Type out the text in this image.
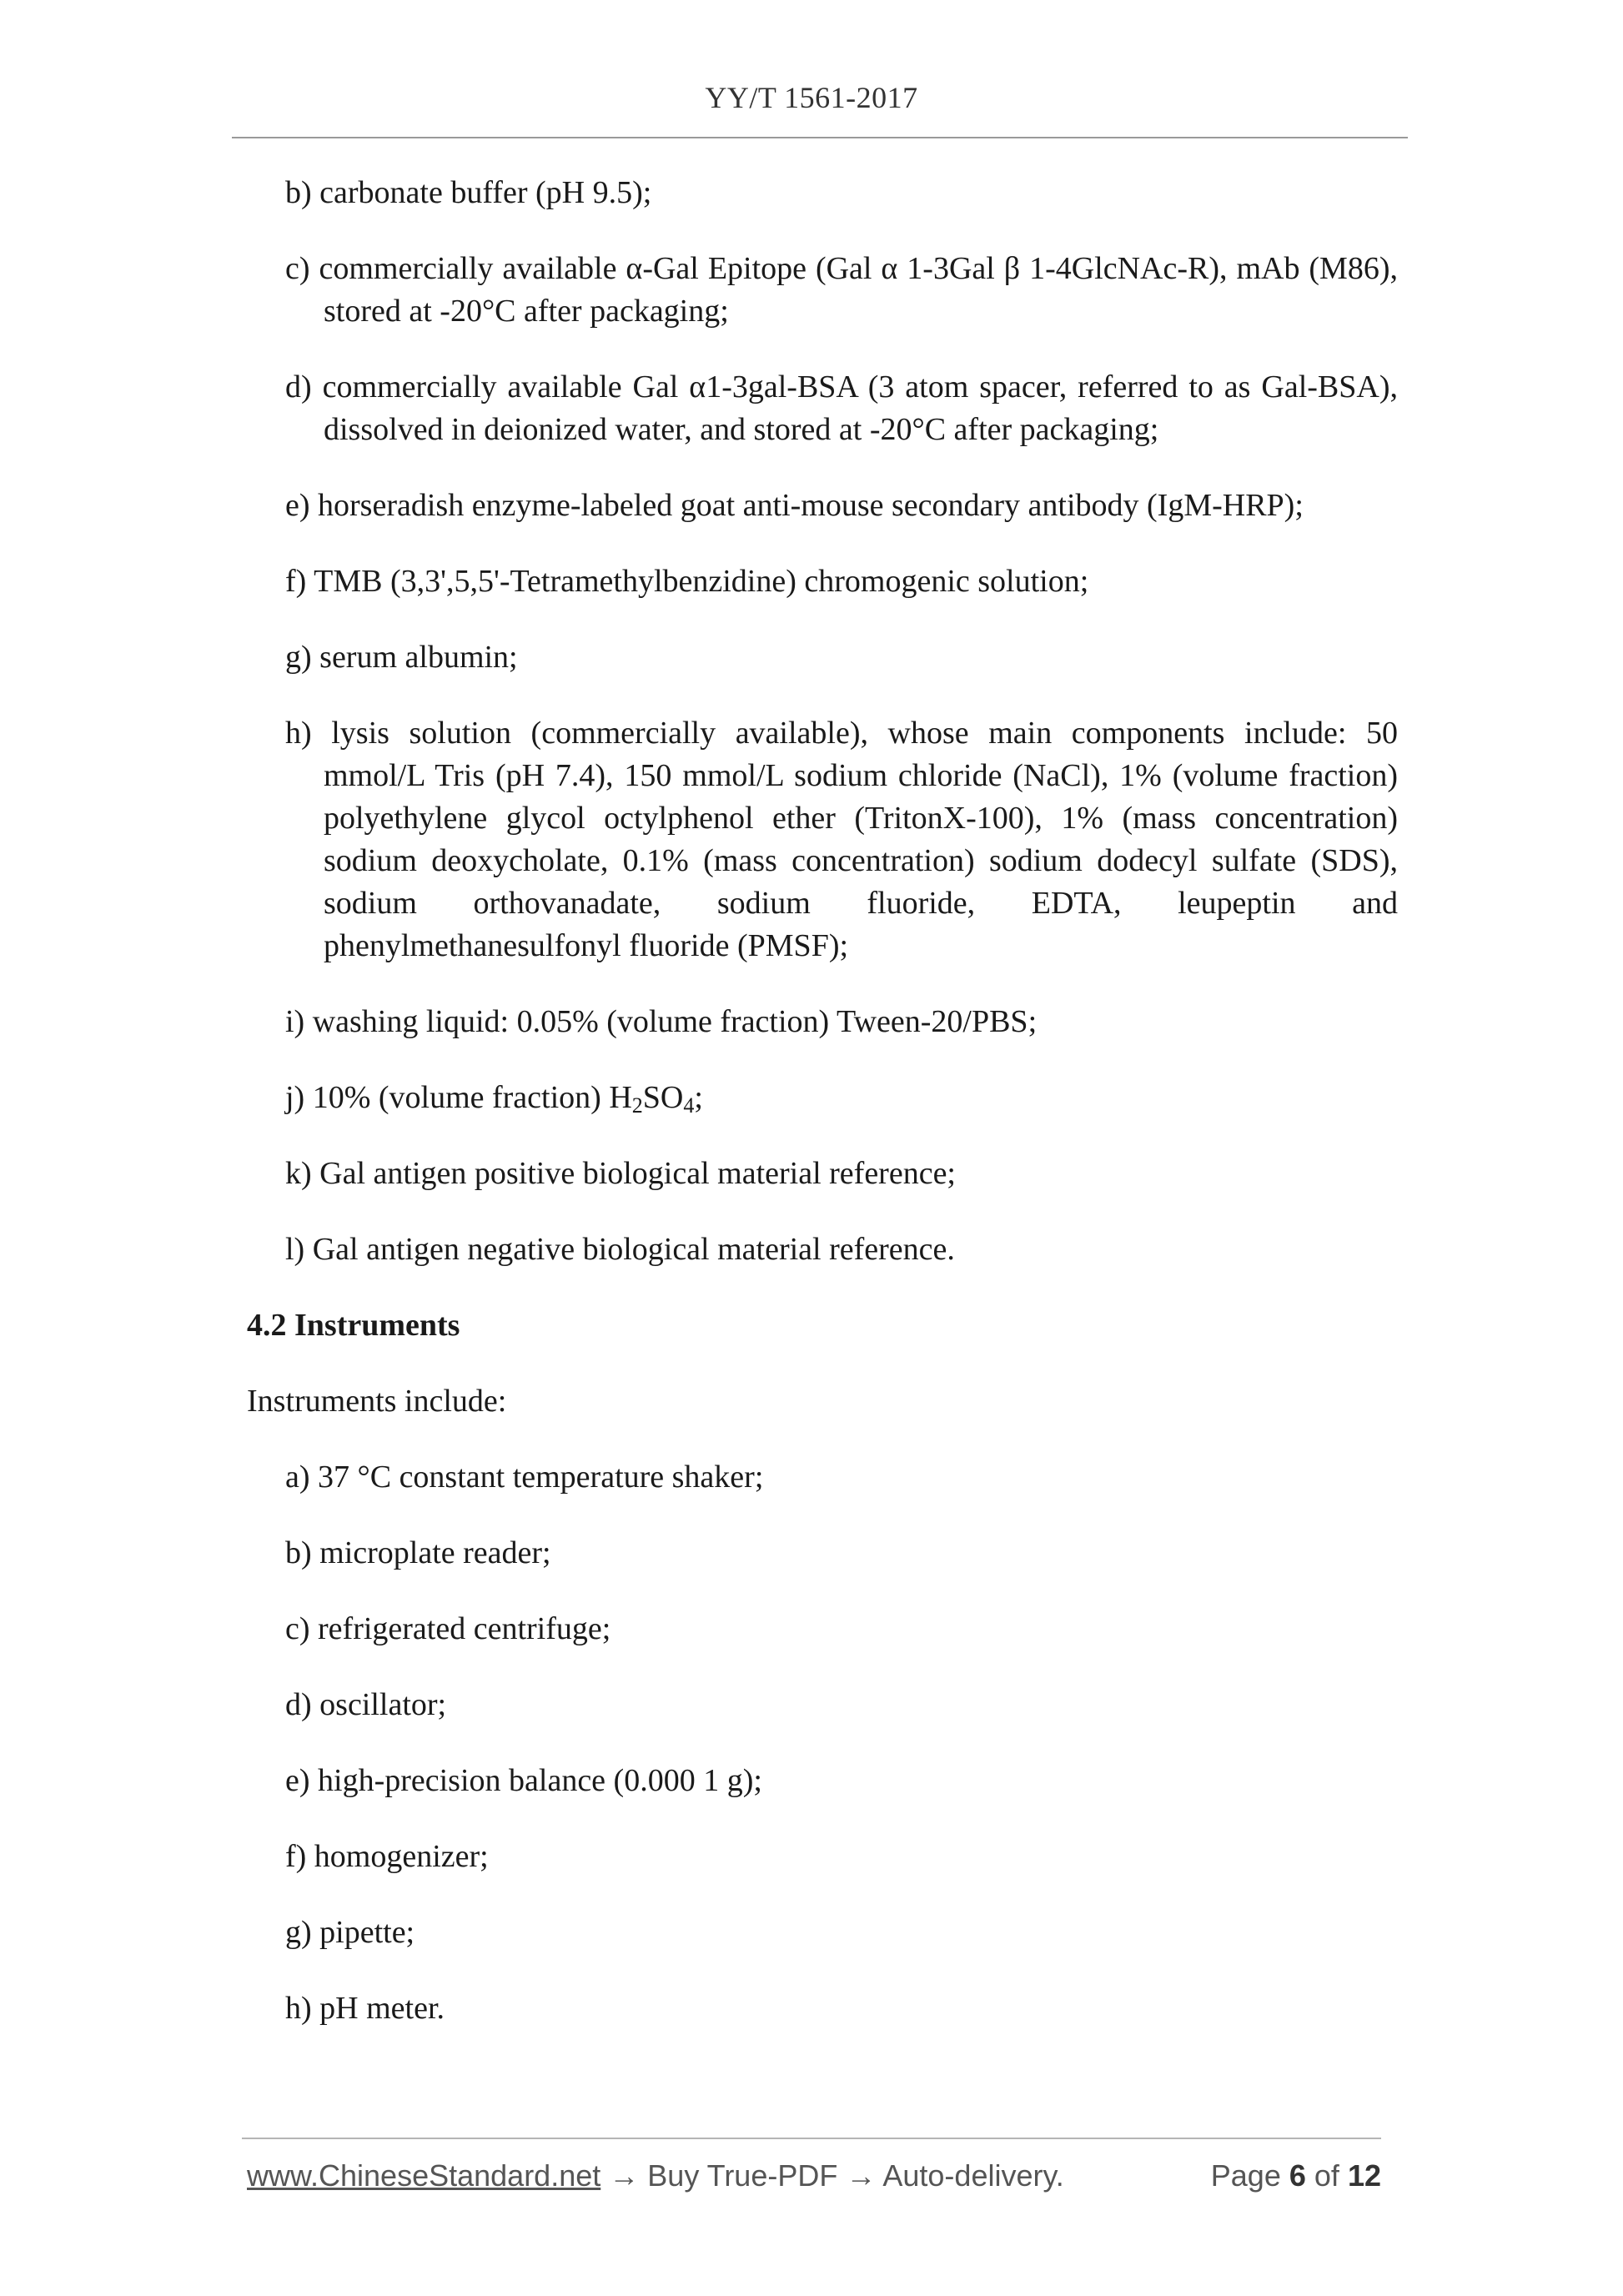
YY/T 1561-2017
b) carbonate buffer (pH 9.5);
c) commercially available α-Gal Epitope (Gal α 1-3Gal β 1-4GlcNAc-R), mAb (M86), stored at -20°C after packaging;
d) commercially available Gal α1-3gal-BSA (3 atom spacer, referred to as Gal-BSA), dissolved in deionized water, and stored at -20°C after packaging;
e) horseradish enzyme-labeled goat anti-mouse secondary antibody (IgM-HRP);
f) TMB (3,3',5,5'-Tetramethylbenzidine) chromogenic solution;
g) serum albumin;
h) lysis solution (commercially available), whose main components include: 50 mmol/L Tris (pH 7.4), 150 mmol/L sodium chloride (NaCl), 1% (volume fraction) polyethylene glycol octylphenol ether (TritonX-100), 1% (mass concentration) sodium deoxycholate, 0.1% (mass concentration) sodium dodecyl sulfate (SDS), sodium orthovanadate, sodium fluoride, EDTA, leupeptin and phenylmethanesulfonyl fluoride (PMSF);
i) washing liquid: 0.05% (volume fraction) Tween-20/PBS;
j) 10% (volume fraction) $H_2SO_4$;
k) Gal antigen positive biological material reference;
l) Gal antigen negative biological material reference.
4.2 Instruments
Instruments include:
a) 37 °C constant temperature shaker;
b) microplate reader;
c) refrigerated centrifuge;
d) oscillator;
e) high-precision balance (0.000 1 g);
f) homogenizer;
g) pipette;
h) pH meter.
www.ChineseStandard.net → Buy True-PDF → Auto-delivery.	Page 6 of 12
